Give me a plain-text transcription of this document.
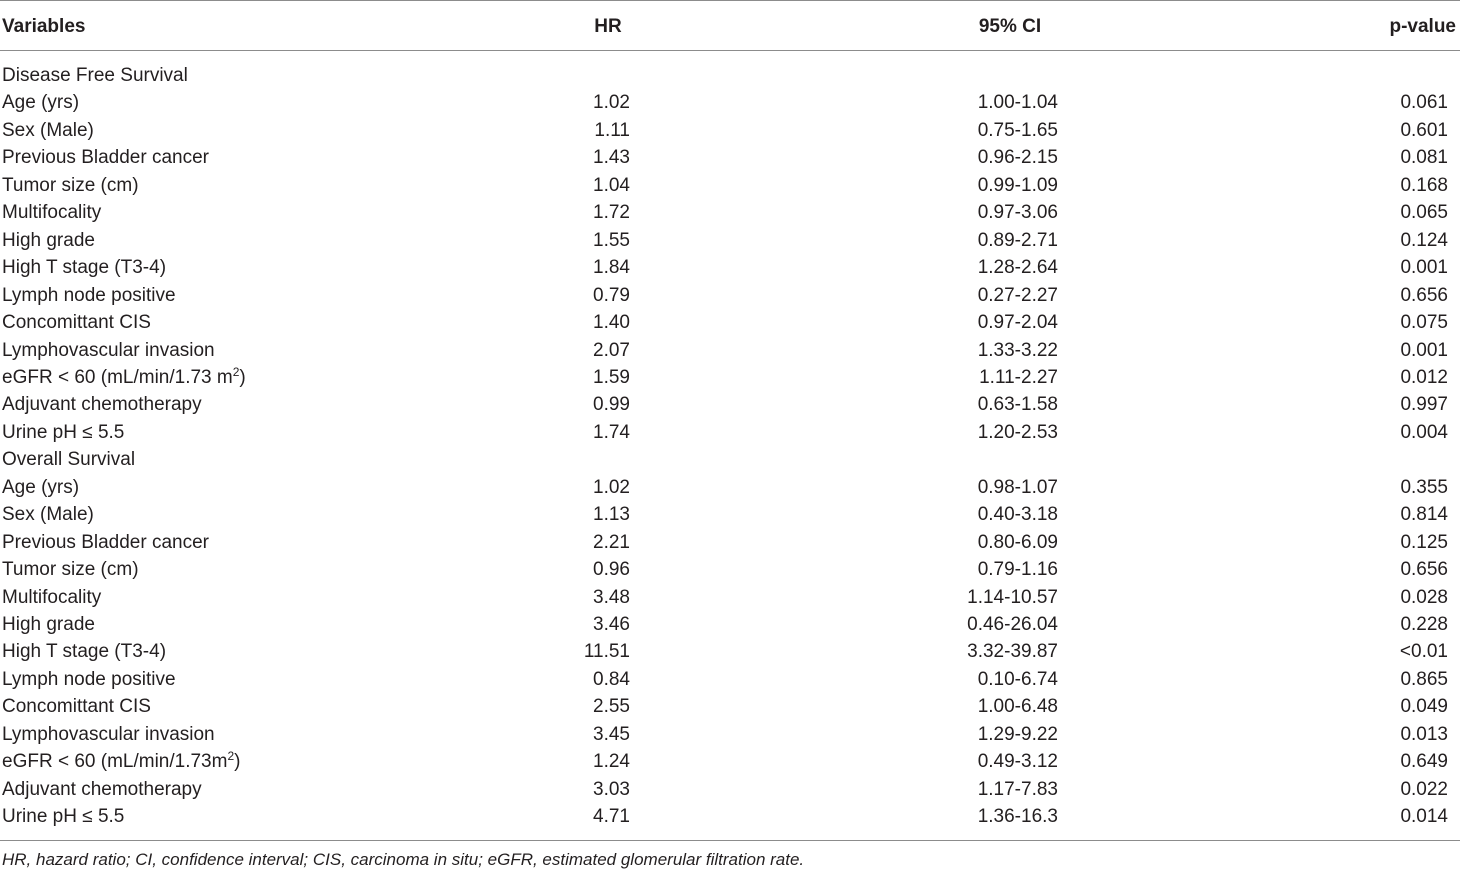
Variables	HR	95% CI	p-value
Disease Free Survival
Age (yrs)	1.02	1.00-1.04	0.061
Sex (Male)	1.11	0.75-1.65	0.601
Previous Bladder cancer	1.43	0.96-2.15	0.081
Tumor size (cm)	1.04	0.99-1.09	0.168
Multifocality	1.72	0.97-3.06	0.065
High grade	1.55	0.89-2.71	0.124
High T stage (T3-4)	1.84	1.28-2.64	0.001
Lymph node positive	0.79	0.27-2.27	0.656
Concomittant CIS	1.40	0.97-2.04	0.075
Lymphovascular invasion	2.07	1.33-3.22	0.001
eGFR < 60 (mL/min/1.73 $m^2$)	1.59	1.11-2.27	0.012
Adjuvant chemotherapy	0.99	0.63-1.58	0.997
Urine pH ≤ 5.5	1.74	1.20-2.53	0.004
Overall Survival
Age (yrs)	1.02	0.98-1.07	0.355
Sex (Male)	1.13	0.40-3.18	0.814
Previous Bladder cancer	2.21	0.80-6.09	0.125
Tumor size (cm)	0.96	0.79-1.16	0.656
Multifocality	3.48	1.14-10.57	0.028
High grade	3.46	0.46-26.04	0.228
High T stage (T3-4)	11.51	3.32-39.87	<0.01
Lymph node positive	0.84	0.10-6.74	0.865
Concomittant CIS	2.55	1.00-6.48	0.049
Lymphovascular invasion	3.45	1.29-9.22	0.013
eGFR < 60 $(mL/\min/1.73m^2)$	1.24	0.49-3.12	0.649
Adjuvant chemotherapy	3.03	1.17-7.83	0.022
Urine pH ≤ 5.5	4.71	1.36-16.3	0.014
HR, hazard ratio; CI, confidence interval; CIS, carcinoma in situ; eGFR, estimated glomerular filtration rate.
